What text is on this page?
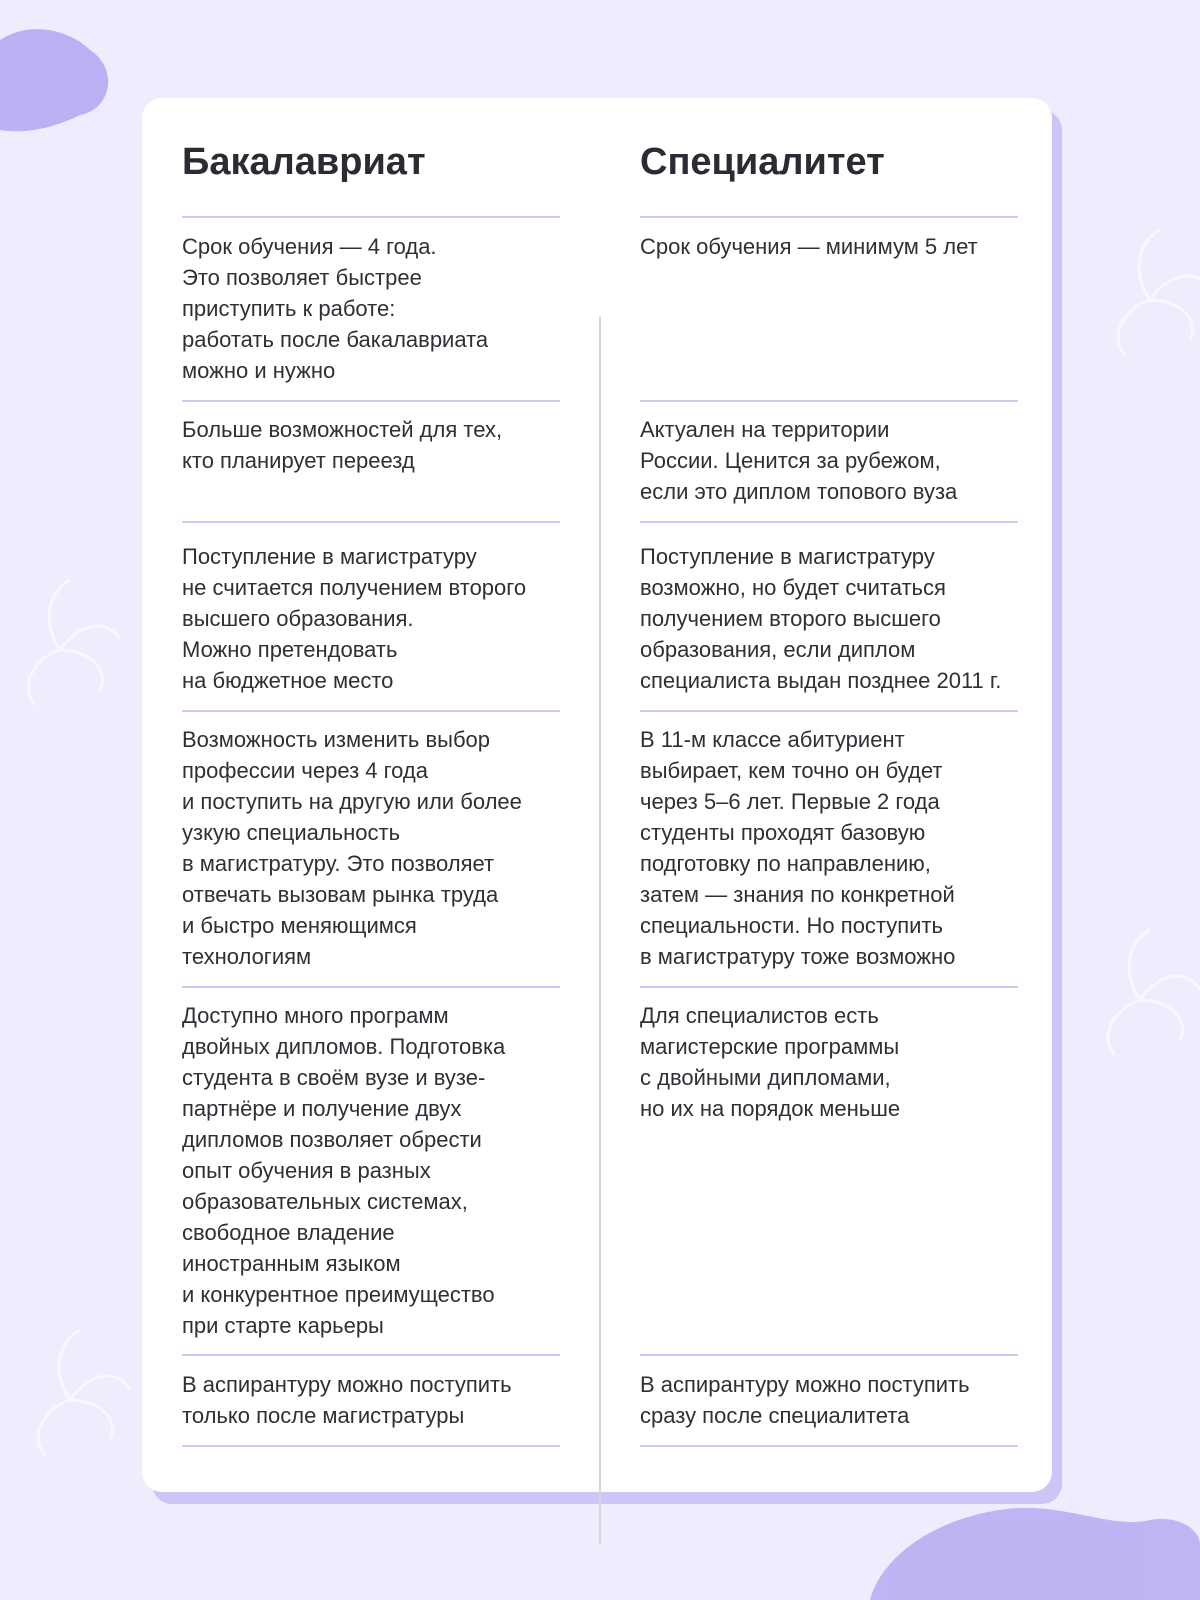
Бакалавриат

Срок обучения — 4 года.
Это позволяет быстрее
приступить к работе:
работать после бакалавриата
можно и нужно

Больше возможностей для тех,
кто планирует переезд

Поступление в магистратуру
не считается получением второго
высшего образования.
Можно претендовать
на бюджетное место

Возможность изменить выбор
профессии через 4 года
и поступить на другую или более
узкую специальность
в магистратуру. Это позволяет
отвечать вызовам рынка труда
и быстро меняющимся
технологиям

Доступно много программ
двойных дипломов. Подготовка
студента в своём вузе и вузе-
партнёре и получение двух
дипломов позволяет обрести
опыт обучения в разных
образовательных системах,
свободное владение
иностранным языком
и конкурентное преимущество
при старте карьеры

В аспирантуру можно поступить
только после магистратуры

Специалитет

Срок обучения — минимум 5 лет

Актуален на территории
России. Ценится за рубежом,
если это диплом топового вуза

Поступление в магистратуру
возможно, но будет считаться
получением второго высшего
образования, если диплом
специалиста выдан позднее 2011 г.

В 11-м классе абитуриент
выбирает, кем точно он будет
через 5–6 лет. Первые 2 года
студенты проходят базовую
подготовку по направлению,
затем — знания по конкретной
специальности. Но поступить
в магистратуру тоже возможно

Для специалистов есть
магистерские программы
с двойными дипломами,
но их на порядок меньше

В аспирантуру можно поступить
сразу после специалитета
